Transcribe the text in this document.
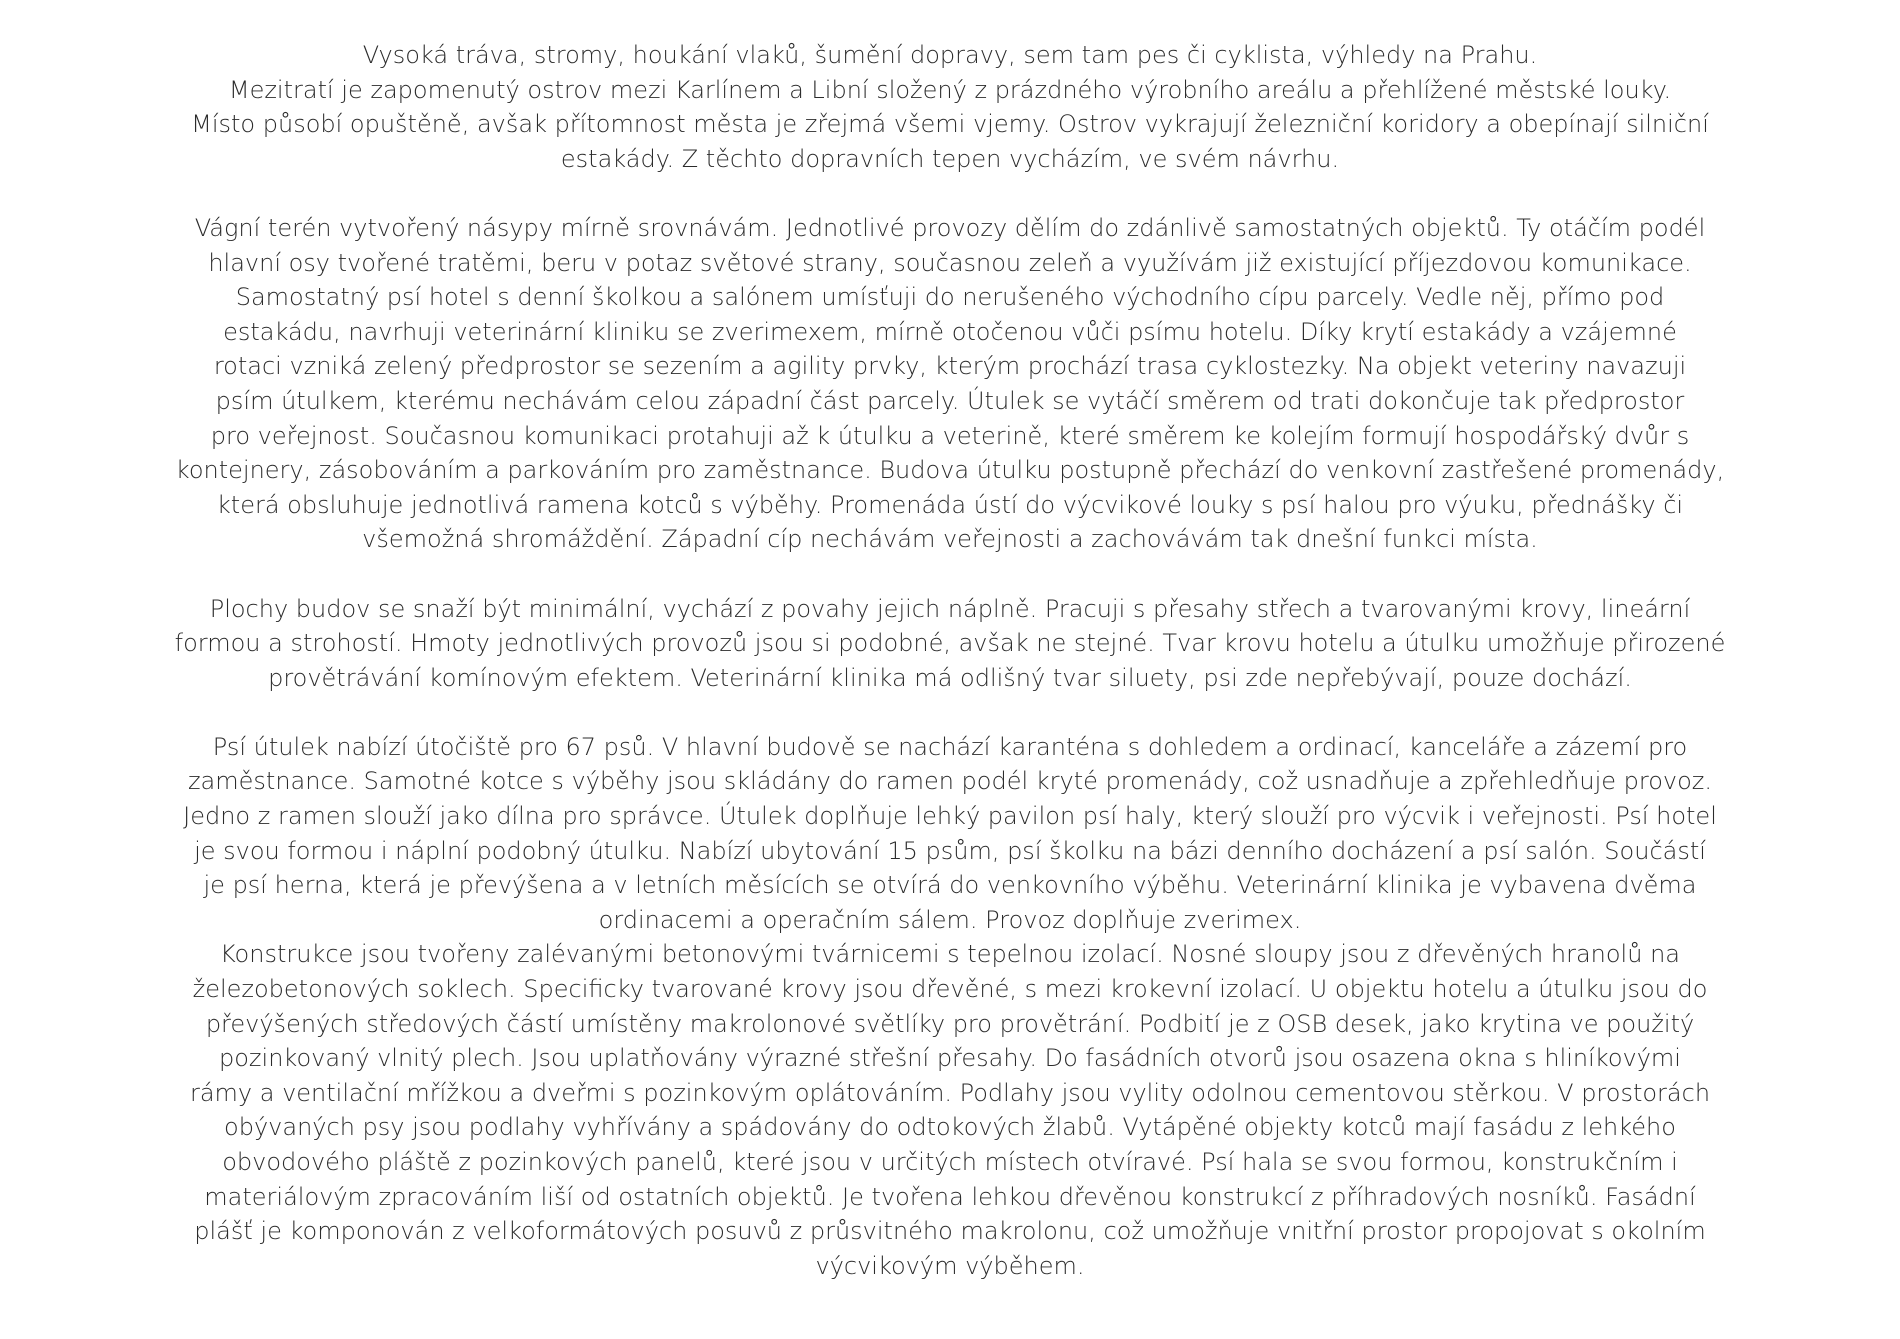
Vysoká tráva, stromy, houkání vlaků, šumění dopravy, sem tam pes či cyklista, výhledy na Prahu.
Mezitratí je zapomenutý ostrov mezi Karlínem a Libní složený z prázdného výrobního areálu a přehlížené městské louky.
Místo působí opuštěně, avšak přítomnost města je zřejmá všemi vjemy. Ostrov vykrajují železniční koridory a obepínají silniční
estakády. Z těchto dopravních tepen vycházím, ve svém návrhu.

Vágní terén vytvořený násypy mírně srovnávám. Jednotlivé provozy dělím do zdánlivě samostatných objektů. Ty otáčím podél
hlavní osy tvořené tratěmi, beru v potaz světové strany, současnou zeleň a využívám již existující příjezdovou komunikace.
Samostatný psí hotel s denní školkou a salónem umísťuji do nerušeného východního cípu parcely. Vedle něj, přímo pod
estakádu, navrhuji veterinární kliniku se zverimexem, mírně otočenou vůči psímu hotelu. Díky krytí estakády a vzájemné
rotaci vzniká zelený předprostor se sezením a agility prvky, kterým prochází trasa cyklostezky. Na objekt veteriny navazuji
psím útulkem, kterému nechávám celou západní část parcely. Útulek se vytáčí směrem od trati dokončuje tak předprostor
pro veřejnost. Současnou komunikaci protahuji až k útulku a veterině, které směrem ke kolejím formují hospodářský dvůr s
kontejnery, zásobováním a parkováním pro zaměstnance. Budova útulku postupně přechází do venkovní zastřešené promenády,
která obsluhuje jednotlivá ramena kotců s výběhy. Promenáda ústí do výcvikové louky s psí halou pro výuku, přednášky či
všemožná shromáždění. Západní cíp nechávám veřejnosti a zachovávám tak dnešní funkci místa.

Plochy budov se snaží být minimální, vychází z povahy jejich náplně. Pracuji s přesahy střech a tvarovanými krovy, lineární
formou a strohostí. Hmoty jednotlivých provozů jsou si podobné, avšak ne stejné. Tvar krovu hotelu a útulku umožňuje přirozené
provětrávání komínovým efektem. Veterinární klinika má odlišný tvar siluety, psi zde nepřebývají, pouze dochází.

Psí útulek nabízí útočiště pro 67 psů. V hlavní budově se nachází karanténa s dohledem a ordinací, kanceláře a zázemí pro
zaměstnance. Samotné kotce s výběhy jsou skládány do ramen podél kryté promenády, což usnadňuje a zpřehledňuje provoz.
Jedno z ramen slouží jako dílna pro správce. Útulek doplňuje lehký pavilon psí haly, který slouží pro výcvik i veřejnosti. Psí hotel
je svou formou i náplní podobný útulku. Nabízí ubytování 15 psům, psí školku na bázi denního docházení a psí salón. Součástí
je psí herna, která je převýšena a v letních měsících se otvírá do venkovního výběhu. Veterinární klinika je vybavena dvěma
ordinacemi a operačním sálem. Provoz doplňuje zverimex.
Konstrukce jsou tvořeny zalévanými betonovými tvárnicemi s tepelnou izolací. Nosné sloupy jsou z dřevěných hranolů na
železobetonových soklech. Specificky tvarované krovy jsou dřevěné, s mezi krokevní izolací. U objektu hotelu a útulku jsou do
převýšených středových částí umístěny makrolonové světlíky pro provětrání. Podbití je z OSB desek, jako krytina ve použitý
pozinkovaný vlnitý plech. Jsou uplatňovány výrazné střešní přesahy. Do fasádních otvorů jsou osazena okna s hliníkovými
rámy a ventilační mřížkou a dveřmi s pozinkovým oplátováním. Podlahy jsou vylity odolnou cementovou stěrkou. V prostorách
obývaných psy jsou podlahy vyhřívány a spádovány do odtokových žlabů. Vytápěné objekty kotců mají fasádu z lehkého
obvodového pláště z pozinkových panelů, které jsou v určitých místech otvíravé. Psí hala se svou formou, konstrukčním i
materiálovým zpracováním liší od ostatních objektů. Je tvořena lehkou dřevěnou konstrukcí z příhradových nosníků. Fasádní
plášť je komponován z velkoformátových posuvů z průsvitného makrolonu, což umožňuje vnitřní prostor propojovat s okolním
výcvikovým výběhem.
